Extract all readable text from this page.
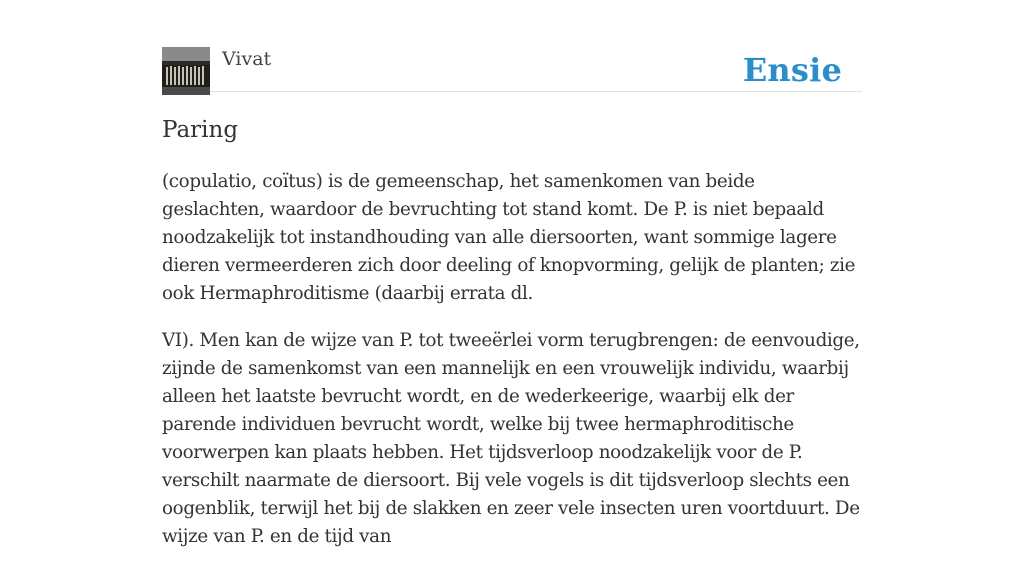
Vivat	Ensie
Paring

(copulatio, coïtus) is de gemeenschap, het samenkomen van beide geslachten, waardoor de bevruchting tot stand komt. De P. is niet bepaald noodzakelijk tot instandhouding van alle diersoorten, want sommige lagere dieren vermeerderen zich door deeling of knopvorming, gelijk de planten; zie ook Hermaphroditisme (daarbij errata dl.

VI). Men kan de wijze van P. tot tweeërlei vorm terugbrengen: de eenvoudige, zijnde de samenkomst van een mannelijk en een vrouwelijk individu, waarbij alleen het laatste bevrucht wordt, en de wederkeerige, waarbij elk der parende individuen bevrucht wordt, welke bij twee hermaphroditische voorwerpen kan plaats hebben. Het tijdsverloop noodzakelijk voor de P. verschilt naarmate de diersoort. Bij vele vogels is dit tijdsverloop slechts een oogenblik, terwijl het bij de slakken en zeer vele insecten uren voortduurt. De wijze van P. en de tijd van
